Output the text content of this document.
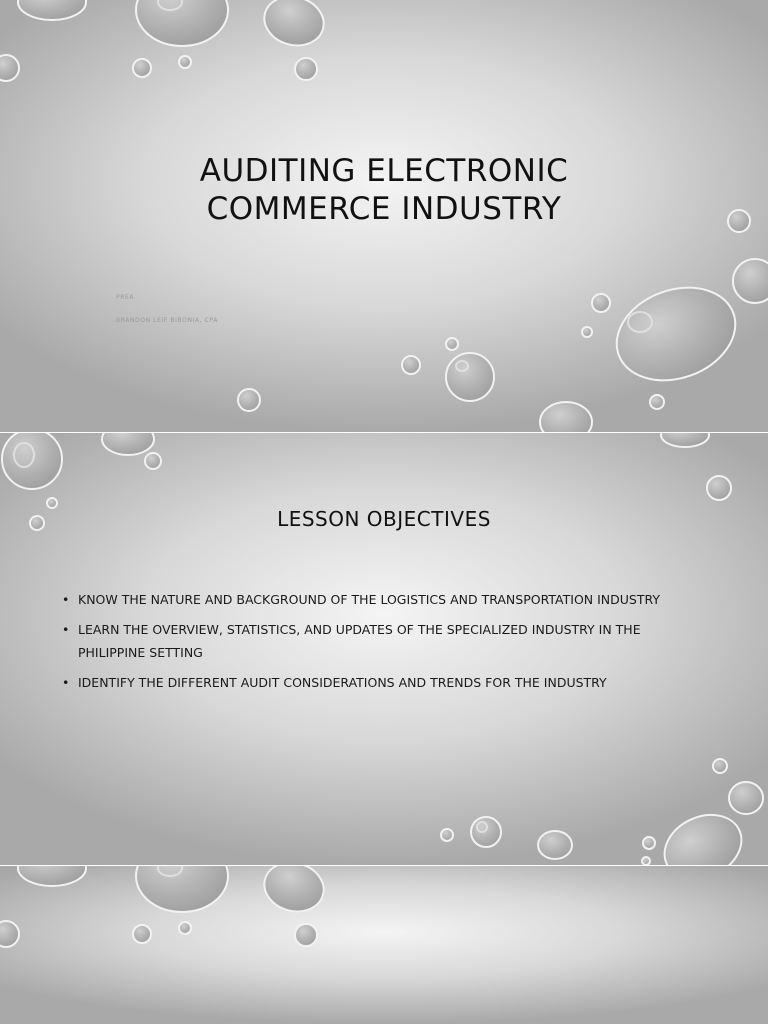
AUDITING ELECTRONIC
COMMERCE INDUSTRY
PREA
BRANDON LEIF BIBONIA, CPA
LESSON OBJECTIVES
• KNOW THE NATURE AND BACKGROUND OF THE LOGISTICS AND TRANSPORTATION INDUSTRY
• LEARN THE OVERVIEW, STATISTICS, AND UPDATES OF THE SPECIALIZED INDUSTRY IN THE
PHILIPPINE SETTING
• IDENTIFY THE DIFFERENT AUDIT CONSIDERATIONS AND TRENDS FOR THE INDUSTRY
